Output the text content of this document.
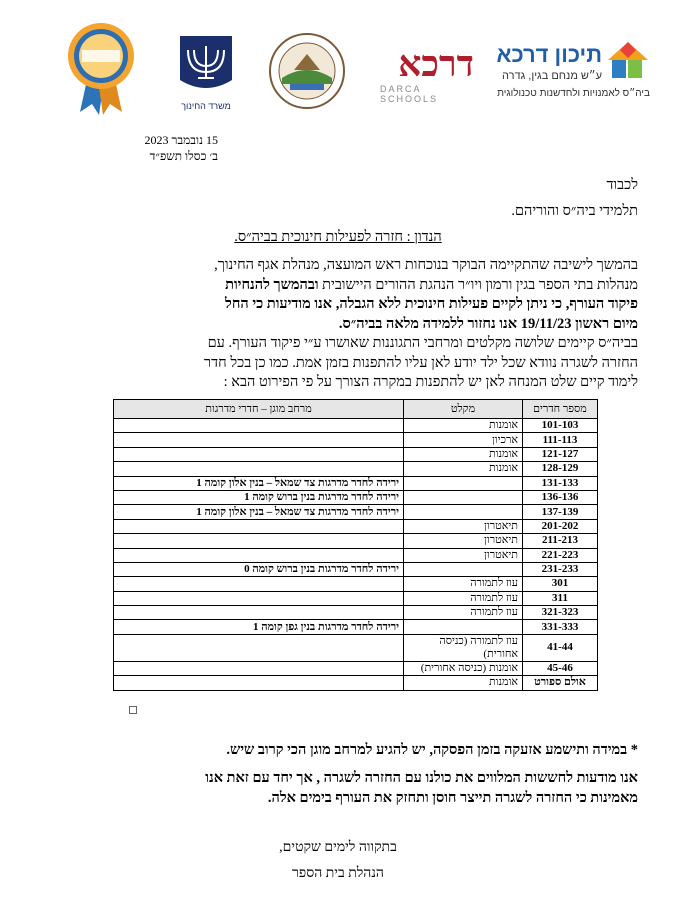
משרד החינוך
דרכא
DARCA SCHOOLS
תיכון דרכא
ע״ש מנחם בגין, גדרה
ביה״ס לאמנויות ולחדשנות טכנולוגית
15 נובמבר 2023
ב׳ כסלו תשפ״ד
לכבוד
תלמידי ביה״ס והוריהם.
הנדון : חזרה לפעילות חינוכית בביה״ס.
בהמשך לישיבה שהתקיימה הבוקר בנוכחות ראש המועצה, מנהלת אגף החינוך,
מנהלות בתי הספר בגין ורמון ויו״ר הנהגת ההורים היישובית ובהמשך להנחיות
פיקוד העורף, כי ניתן לקיים פעילות חינוכית ללא הגבלה, אנו מודיעות כי החל
מיום ראשון 19/11/23 אנו נחזור ללמידה מלאה בביה״ס.
בביה״ס קיימים שלושה מקלטים ומרחבי התגוננות שאושרו ע״י פיקוד העורף. עם
החזרה לשגרה נוודא שכל ילד יודע לאן עליו להתפנות בזמן אמת. כמו כן בכל חדר
לימוד קיים שלט המנחה לאן יש להתפנות במקרה הצורך על פי הפירוט הבא :
מספר חדרים	מקלט	מרחב מוגן – חדרי מדרגות
101-103	אומנות	
111-113	ארכיון	
121-127	אומנות	
128-129	אומנות	
131-133		ירידה לחדר מדרגות צד שמאל – בנין אלון קומה 1
136-136		ירידה לחדר מדרגות בנין ברוש קומה 1
137-139		ירידה לחדר מדרגות צד שמאל – בנין אלון קומה 1
201-202	תיאטרון	
211-213	תיאטרון	
221-223	תיאטרון	
231-233		ירידה לחדר מדרגות בנין ברוש קומה 0
301	עוז לתמורה	
311	עוז לתמורה	
321-323	עוז לתמורה	
331-333		ירידה לחדר מדרגות בנין גפן קומה 1
41-44	עוז לתמורה (כניסה אחורית)	
45-46	אומנות (כניסה אחורית)	
אולם ספורט	אומנות	
* במידה ותישמע אזעקה בזמן הפסקה, יש להגיע למרחב מוגן הכי קרוב שיש.
אנו מודעות לחששות המלווים את כולנו עם החזרה לשגרה , אך יחד עם זאת אנו
מאמינות כי החזרה לשגרה תייצר חוסן ותחזק את העורף בימים אלה.
בתקווה לימים שקטים,
הנהלת בית הספר
